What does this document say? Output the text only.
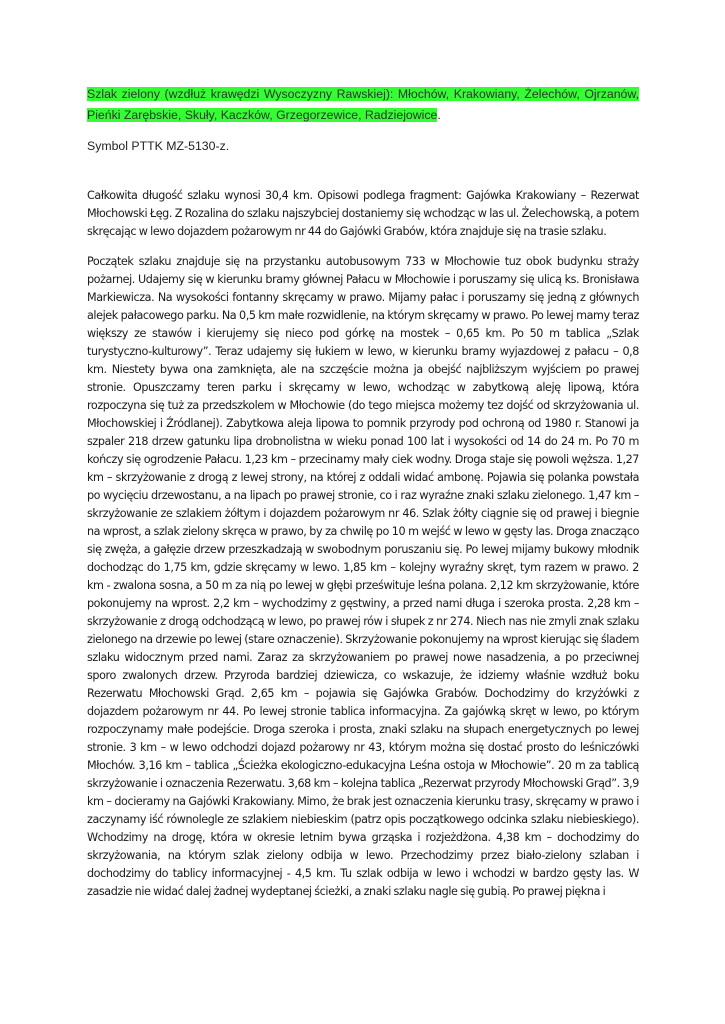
Szlak zielony (wzdłuż krawędzi Wysoczyzny Rawskiej): Młochów, Krakowiany, Żelechów, Ojrzanów, Pieńki Zarębskie, Skuły, Kaczków, Grzegorzewice, Radziejowice.

Symbol PTTK MZ-5130-z.

Całkowita długość szlaku wynosi 30,4 km. Opisowi podlega fragment: Gajówka Krakowiany – Rezerwat Młochowski Łęg. Z Rozalina do szlaku najszybciej dostaniemy się wchodząc w las ul. Żelechowską, a potem skręcając w lewo dojazdem pożarowym nr 44 do Gajówki Grabów, która znajduje się na trasie szlaku.

Początek szlaku znajduje się na przystanku autobusowym 733 w Młochowie tuz obok budynku straży pożarnej. Udajemy się w kierunku bramy głównej Pałacu w Młochowie i poruszamy się ulicą ks. Bronisława Markiewicza. Na wysokości fontanny skręcamy w prawo. Mijamy pałac i poruszamy się jedną z głównych alejek pałacowego parku. Na 0,5 km małe rozwidlenie, na którym skręcamy w prawo. Po lewej mamy teraz większy ze stawów i kierujemy się nieco pod górkę na mostek – 0,65 km. Po 50 m tablica „Szlak turystyczno-kulturowy”. Teraz udajemy się łukiem w lewo, w kierunku bramy wyjazdowej z pałacu – 0,8 km. Niestety bywa ona zamknięta, ale na szczęście można ja obejść najbliższym wyjściem po prawej stronie. Opuszczamy teren parku i skręcamy w lewo, wchodząc w zabytkową aleję lipową, która rozpoczyna się tuż za przedszkolem w Młochowie (do tego miejsca możemy tez dojść od skrzyżowania ul. Młochowskiej i Źródlanej). Zabytkowa aleja lipowa to pomnik przyrody pod ochroną od 1980 r. Stanowi ja szpaler 218 drzew gatunku lipa drobnolistna w wieku ponad 100 lat i wysokości od 14 do 24 m. Po 70 m kończy się ogrodzenie Pałacu. 1,23 km – przecinamy mały ciek wodny. Droga staje się powoli węższa. 1,27 km – skrzyżowanie z drogą z lewej strony, na której z oddali widać ambonę. Pojawia się polanka powstała po wycięciu drzewostanu, a na lipach po prawej stronie, co i raz wyraźne znaki szlaku zielonego. 1,47 km – skrzyżowanie ze szlakiem żółtym i dojazdem pożarowym nr 46. Szlak żółty ciągnie się od prawej i biegnie na wprost, a szlak zielony skręca w prawo, by za chwilę po 10 m wejść w lewo w gęsty las. Droga znacząco się zwęża, a gałęzie drzew przeszkadzają w swobodnym poruszaniu się. Po lewej mijamy bukowy młodnik dochodząc do 1,75 km, gdzie skręcamy w lewo. 1,85 km – kolejny wyraźny skręt, tym razem w prawo. 2 km - zwalona sosna, a 50 m za nią po lewej w głębi prześwituje leśna polana. 2,12 km skrzyżowanie, które pokonujemy na wprost. 2,2 km – wychodzimy z gęstwiny, a przed nami długa i szeroka prosta. 2,28 km – skrzyżowanie z drogą odchodzącą w lewo, po prawej rów i słupek z nr 274. Niech nas nie zmyli znak szlaku zielonego na drzewie po lewej (stare oznaczenie). Skrzyżowanie pokonujemy na wprost kierując się śladem szlaku widocznym przed nami. Zaraz za skrzyżowaniem po prawej nowe nasadzenia, a po przeciwnej sporo zwalonych drzew. Przyroda bardziej dziewicza, co wskazuje, że idziemy właśnie wzdłuż boku Rezerwatu Młochowski Grąd. 2,65 km – pojawia się Gajówka Grabów. Dochodzimy do krzyżówki z dojazdem pożarowym nr 44. Po lewej stronie tablica informacyjna. Za gajówką skręt w lewo, po którym rozpoczynamy małe podejście. Droga szeroka i prosta, znaki szlaku na słupach energetycznych po lewej stronie. 3 km – w lewo odchodzi dojazd pożarowy nr 43, którym można się dostać prosto do leśniczówki Młochów. 3,16 km – tablica „Ścieżka ekologiczno-edukacyjna Leśna ostoja w Młochowie”. 20 m za tablicą skrzyżowanie i oznaczenia Rezerwatu. 3,68 km – kolejna tablica „Rezerwat przyrody Młochowski Grąd”. 3,9 km – docieramy na Gajówki Krakowiany. Mimo, że brak jest oznaczenia kierunku trasy, skręcamy w prawo i zaczynamy iść równolegle ze szlakiem niebieskim (patrz opis początkowego odcinka szlaku niebieskiego). Wchodzimy na drogę, która w okresie letnim bywa grząska i rozjeżdżona. 4,38 km – dochodzimy do skrzyżowania, na którym szlak zielony odbija w lewo. Przechodzimy przez biało-zielony szlaban i dochodzimy do tablicy informacyjnej - 4,5 km. Tu szlak odbija w lewo i wchodzi w bardzo gęsty las. W zasadzie nie widać dalej żadnej wydeptanej ścieżki, a znaki szlaku nagle się gubią. Po prawej piękna i
